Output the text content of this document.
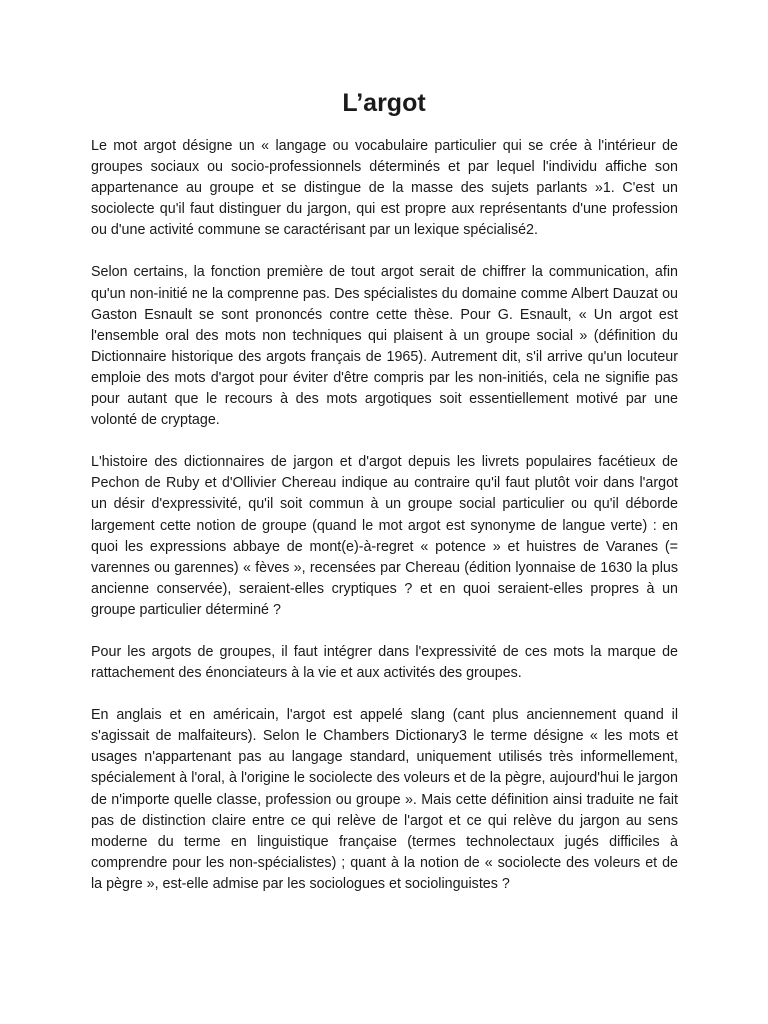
L’argot

Le mot argot désigne un « langage ou vocabulaire particulier qui se crée à l'intérieur de groupes sociaux ou socio-professionnels déterminés et par lequel l'individu affiche son appartenance au groupe et se distingue de la masse des sujets parlants »1. C'est un sociolecte qu'il faut distinguer du jargon, qui est propre aux représentants d'une profession ou d'une activité commune se caractérisant par un lexique spécialisé2.

Selon certains, la fonction première de tout argot serait de chiffrer la communication, afin qu'un non-initié ne la comprenne pas. Des spécialistes du domaine comme Albert Dauzat ou Gaston Esnault se sont prononcés contre cette thèse. Pour G. Esnault, « Un argot est l'ensemble oral des mots non techniques qui plaisent à un groupe social » (définition du Dictionnaire historique des argots français de 1965). Autrement dit, s'il arrive qu'un locuteur emploie des mots d'argot pour éviter d'être compris par les non-initiés, cela ne signifie pas pour autant que le recours à des mots argotiques soit essentiellement motivé par une volonté de cryptage.

L'histoire des dictionnaires de jargon et d'argot depuis les livrets populaires facétieux de Pechon de Ruby et d'Ollivier Chereau indique au contraire qu'il faut plutôt voir dans l'argot un désir d'expressivité, qu'il soit commun à un groupe social particulier ou qu'il déborde largement cette notion de groupe (quand le mot argot est synonyme de langue verte) : en quoi les expressions abbaye de mont(e)-à-regret « potence » et huistres de Varanes (= varennes ou garennes) « fèves », recensées par Chereau (édition lyonnaise de 1630 la plus ancienne conservée), seraient-elles cryptiques ? et en quoi seraient-elles propres à un groupe particulier déterminé ?

Pour les argots de groupes, il faut intégrer dans l'expressivité de ces mots la marque de rattachement des énonciateurs à la vie et aux activités des groupes.

En anglais et en américain, l'argot est appelé slang (cant plus anciennement quand il s'agissait de malfaiteurs). Selon le Chambers Dictionary3 le terme désigne « les mots et usages n'appartenant pas au langage standard, uniquement utilisés très informellement, spécialement à l'oral, à l'origine le sociolecte des voleurs et de la pègre, aujourd'hui le jargon de n'importe quelle classe, profession ou groupe ». Mais cette définition ainsi traduite ne fait pas de distinction claire entre ce qui relève de l'argot et ce qui relève du jargon au sens moderne du terme en linguistique française (termes technolectaux jugés difficiles à comprendre pour les non-spécialistes) ; quant à la notion de « sociolecte des voleurs et de la pègre », est-elle admise par les sociologues et sociolinguistes ?
